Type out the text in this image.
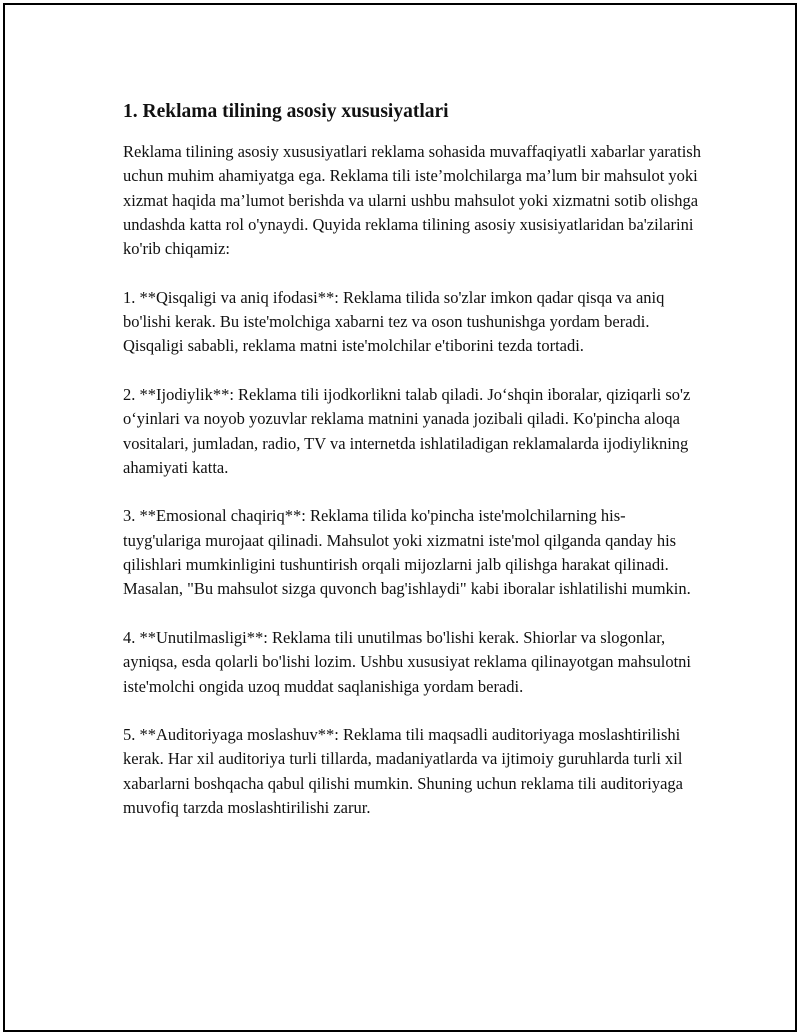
1. Reklama tilining asosiy xususiyatlari

Reklama tilining asosiy xususiyatlari reklama sohasida muvaffaqiyatli xabarlar yaratish uchun muhim ahamiyatga ega. Reklama tili iste’molchilarga ma’lum bir mahsulot yoki xizmat haqida ma’lumot berishda va ularni ushbu mahsulot yoki xizmatni sotib olishga undashda katta rol o'ynaydi. Quyida reklama tilining asosiy xusisiyatlaridan ba'zilarini ko'rib chiqamiz:

1. **Qisqaligi va aniq ifodasi**: Reklama tilida so'zlar imkon qadar qisqa va aniq bo'lishi kerak. Bu iste'molchiga xabarni tez va oson tushunishga yordam beradi. Qisqaligi sababli, reklama matni iste'molchilar e'tiborini tezda tortadi.

2. **Ijodiylik**: Reklama tili ijodkorlikni talab qiladi. Jo‘shqin iboralar, qiziqarli so'z o‘yinlari va noyob yozuvlar reklama matnini yanada jozibali qiladi. Ko'pincha aloqa vositalari, jumladan, radio, TV va internetda ishlatiladigan reklamalarda ijodiylikning ahamiyati katta.

3. **Emosional chaqiriq**: Reklama tilida ko'pincha iste'molchilarning his-tuyg'ulariga murojaat qilinadi. Mahsulot yoki xizmatni iste'mol qilganda qanday his qilishlari mumkinligini tushuntirish orqali mijozlarni jalb qilishga harakat qilinadi. Masalan, "Bu mahsulot sizga quvonch bag'ishlaydi" kabi iboralar ishlatilishi mumkin.

4. **Unutilmasligi**: Reklama tili unutilmas bo'lishi kerak. Shiorlar va slogonlar, ayniqsa, esda qolarli bo'lishi lozim. Ushbu xususiyat reklama qilinayotgan mahsulotni iste'molchi ongida uzoq muddat saqlanishiga yordam beradi.

5. **Auditoriyaga moslashuv**: Reklama tili maqsadli auditoriyaga moslashtirilishi kerak. Har xil auditoriya turli tillarda, madaniyatlarda va ijtimoiy guruhlarda turli xil xabarlarni boshqacha qabul qilishi mumkin. Shuning uchun reklama tili auditoriyaga muvofiq tarzda moslashtirilishi zarur.
